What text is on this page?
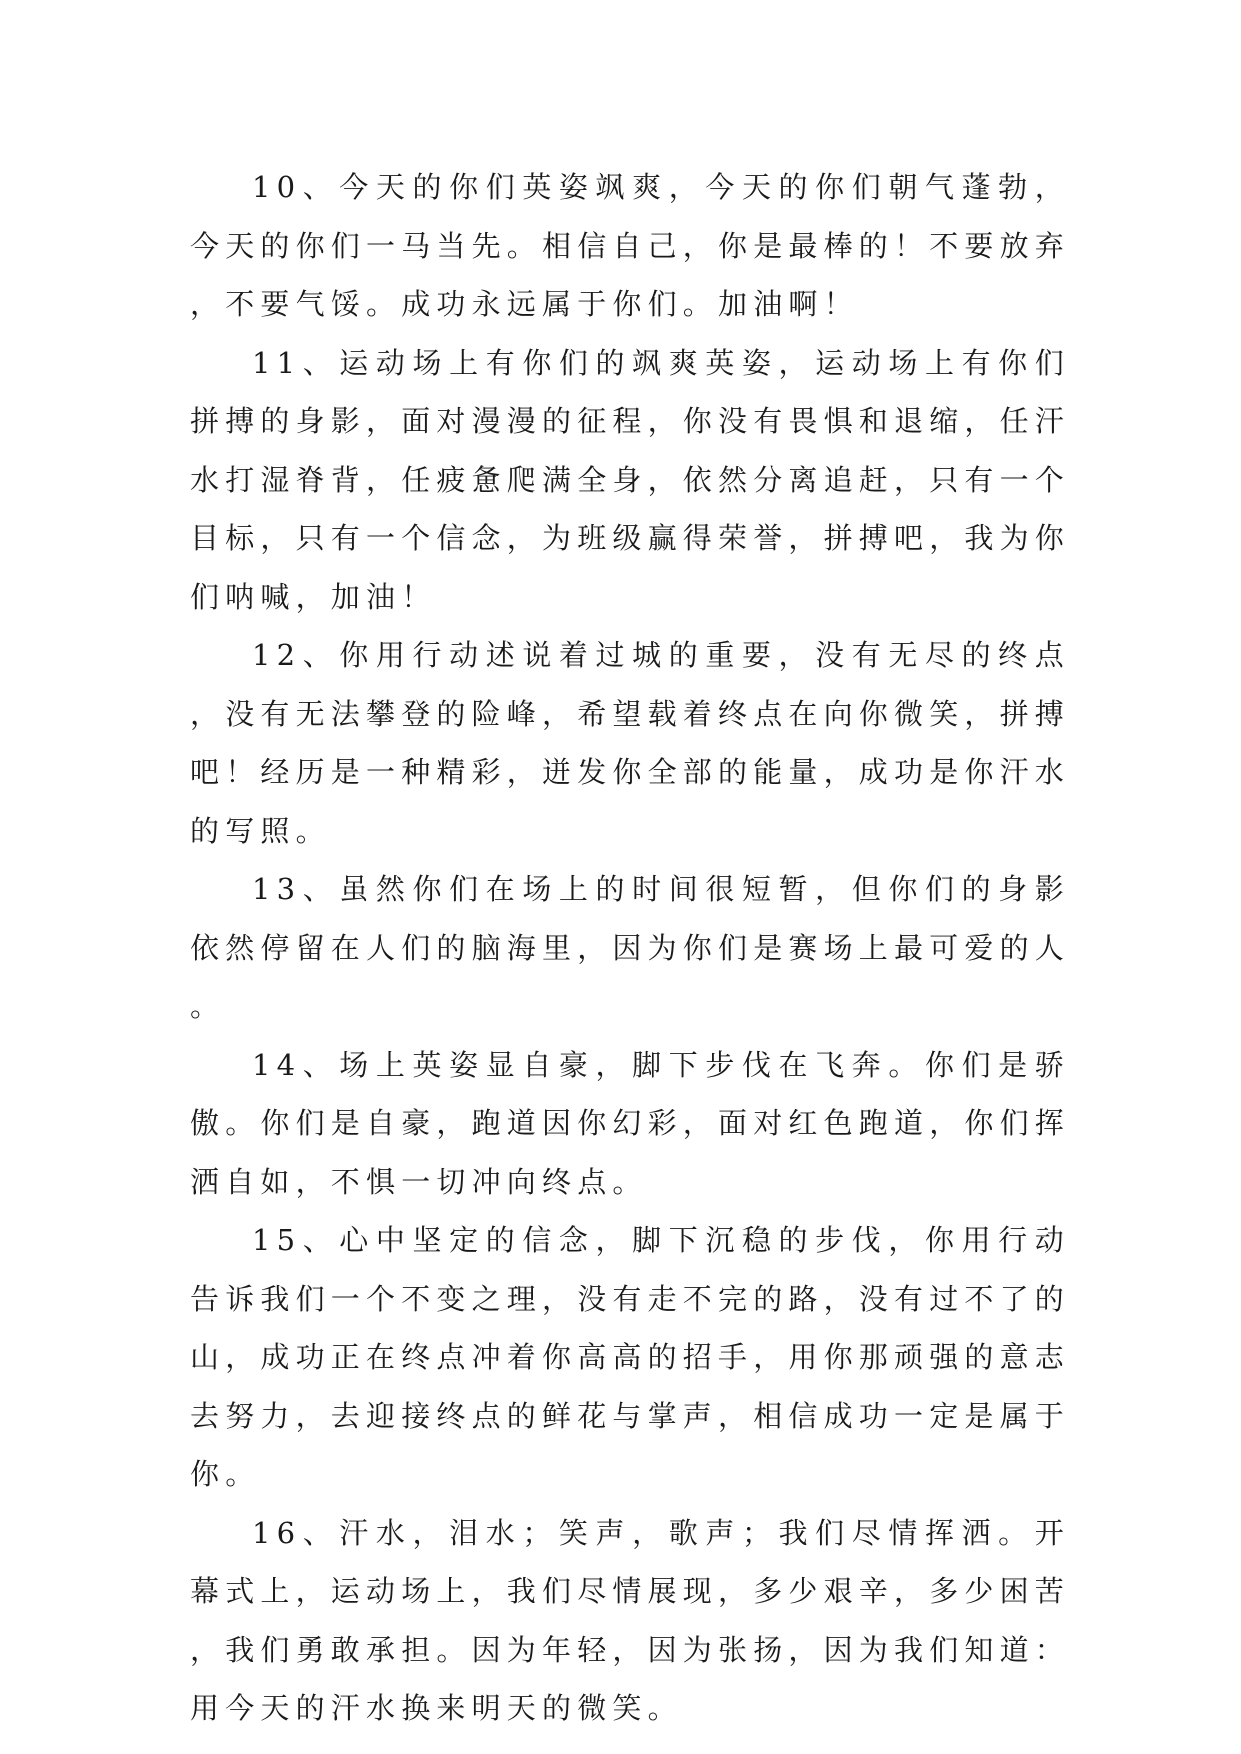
10、今天的你们英姿飒爽，今天的你们朝气蓬勃，今天的你们一马当先。相信自己，你是最棒的！不要放弃，不要气馁。成功永远属于你们。加油啊！

11、运动场上有你们的飒爽英姿，运动场上有你们拼搏的身影，面对漫漫的征程，你没有畏惧和退缩，任汗水打湿脊背，任疲惫爬满全身，依然分离追赶，只有一个目标，只有一个信念，为班级赢得荣誉，拼搏吧，我为你们呐喊，加油！

12、你用行动述说着过城的重要，没有无尽的终点，没有无法攀登的险峰，希望载着终点在向你微笑，拼搏吧！经历是一种精彩，迸发你全部的能量，成功是你汗水的写照。

13、虽然你们在场上的时间很短暂，但你们的身影依然停留在人们的脑海里，因为你们是赛场上最可爱的人。

14、场上英姿显自豪，脚下步伐在飞奔。你们是骄傲。你们是自豪，跑道因你幻彩，面对红色跑道，你们挥洒自如，不惧一切冲向终点。

15、心中坚定的信念，脚下沉稳的步伐，你用行动告诉我们一个不变之理，没有走不完的路，没有过不了的山，成功正在终点冲着你高高的招手，用你那顽强的意志去努力，去迎接终点的鲜花与掌声，相信成功一定是属于你。

16、汗水，泪水；笑声，歌声；我们尽情挥洒。开幕式上，运动场上，我们尽情展现，多少艰辛，多少困苦，我们勇敢承担。因为年轻，因为张扬，因为我们知道：用今天的汗水换来明天的微笑。
